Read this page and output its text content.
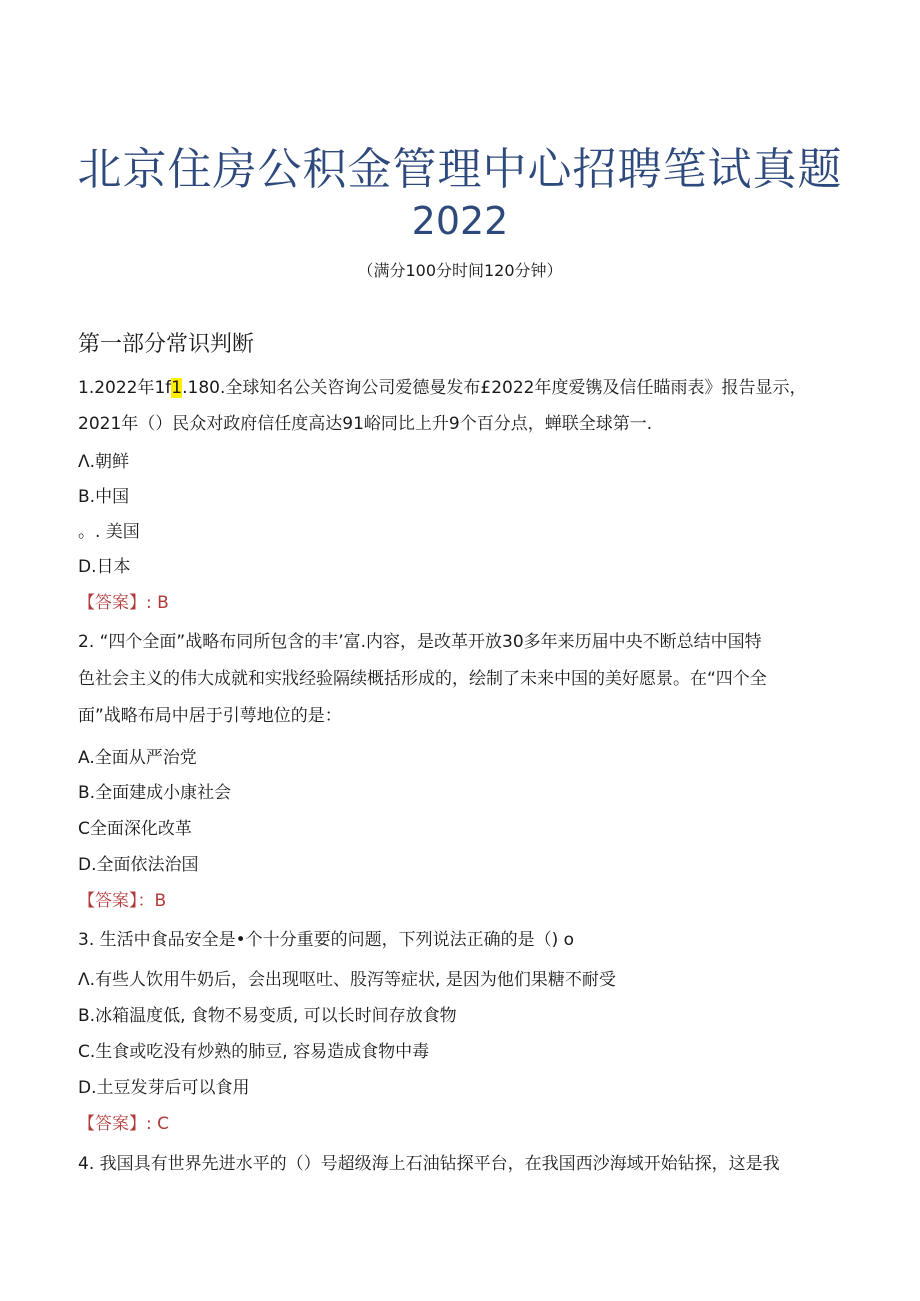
北京住房公积金管理中心招聘笔试真题
2022
（满分100分时间120分钟）
第一部分常识判断
1.2022年1f1.180.全球知名公关咨询公司爱德曼发布£2022年度爱镌及信任瞄雨表》报告显示，
2021年（）民众对政府信任度高达91峪同比上升9个百分点，蝉联全球第一.
Λ.朝鲜
B.中国
。. 美国
D.日本
【答案】: B
2. “四个全面”战略布同所包含的丰’富.内容，是改革开放30多年来历届中央不断总结中国特
色社会主义的伟大成就和实戕经验隔续概括形成的，绘制了未来中国的美好愿景。在“四个全
面”战略布局中居于引萼地位的是：
A.全面从严治党
B.全面建成小康社会
C全面深化改革
D.全面依法治国
【答案】：B
3. 生活中食品安全是•个十分重要的问题，下列说法正确的是（) o
Λ.有些人饮用牛奶后，会出现呕吐、股泻等症状, 是因为他们果糖不耐受
B.冰箱温度低, 食物不易变质, 可以长时间存放食物
C.生食或吃没有炒熟的肺豆, 容易造成食物中毒
D.土豆发芽后可以食用
【答案】: C
4. 我国具有世界先进水平的（）号超级海上石油钻探平台，在我国西沙海域开始钻探，这是我
